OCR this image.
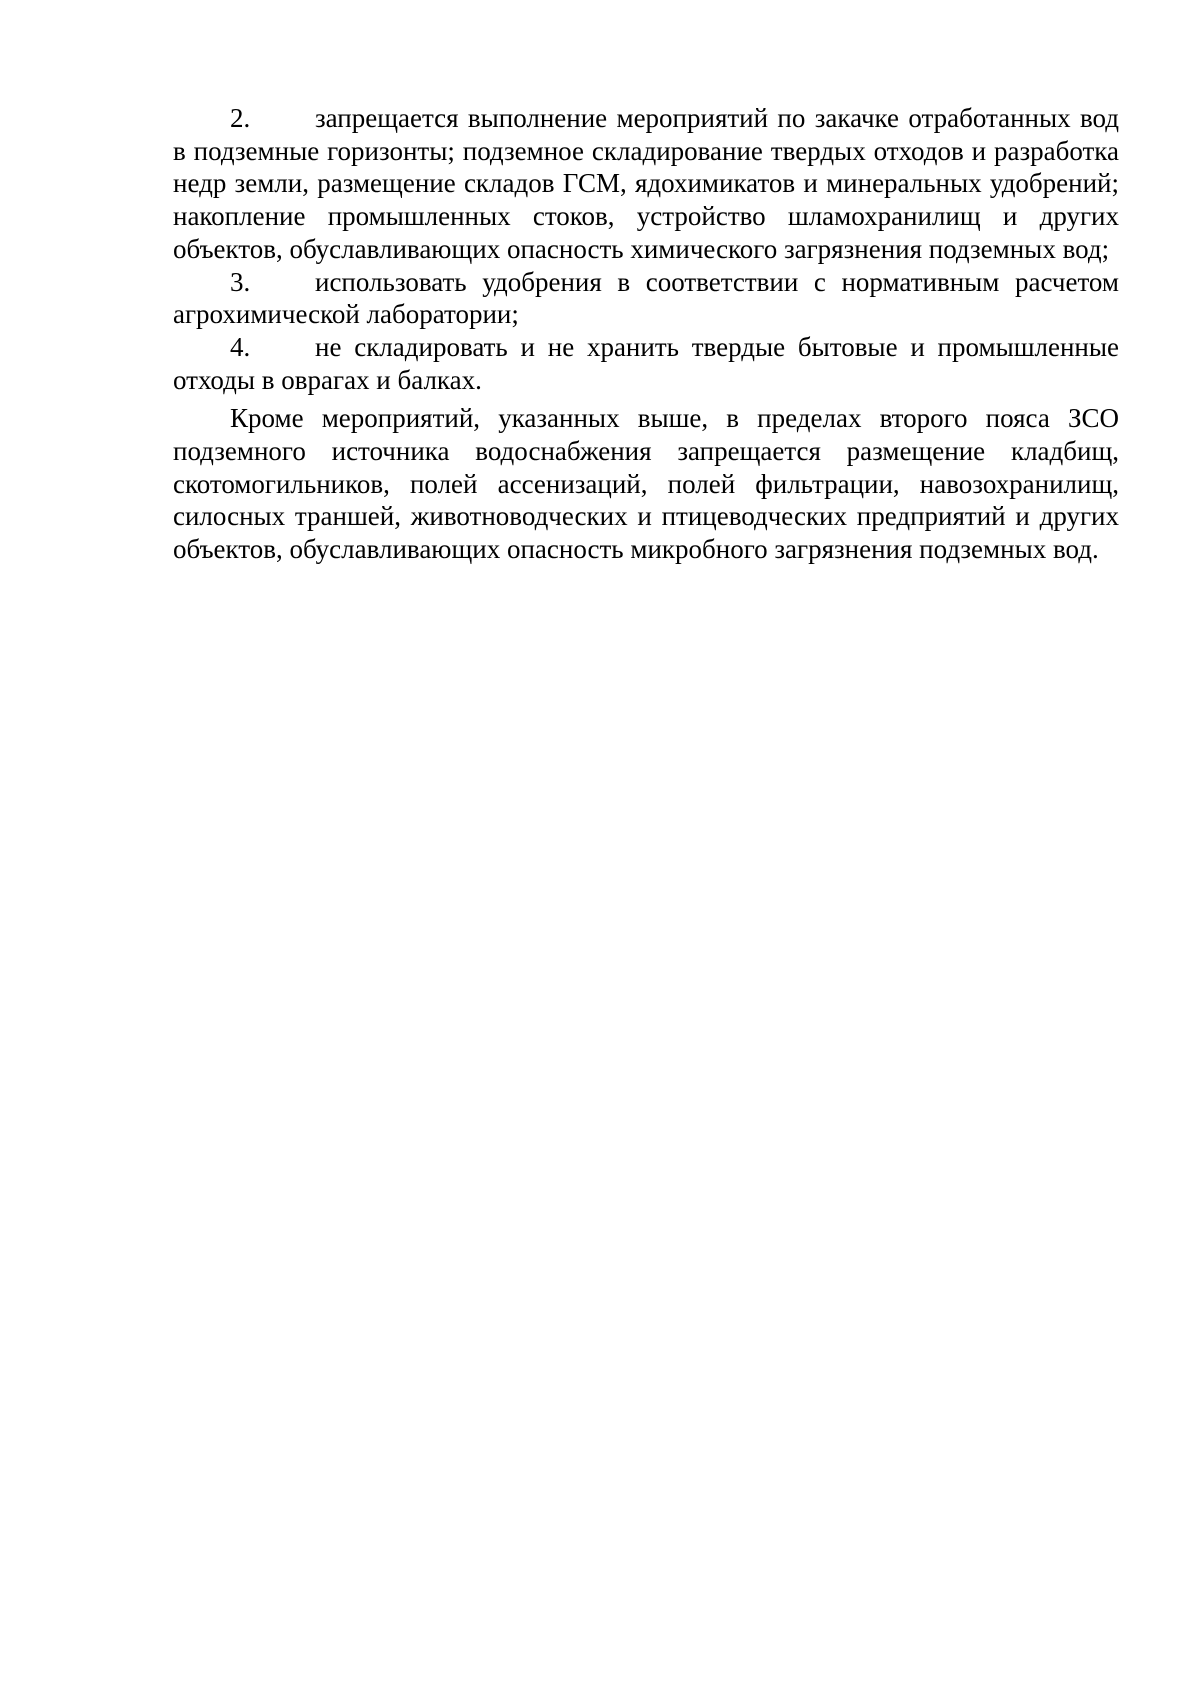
2. запрещается выполнение мероприятий по закачке отработанных вод в подземные горизонты; подземное складирование твердых отходов и разработка недр земли, размещение складов ГСМ, ядохимикатов и минеральных удобрений; накопление промышленных стоков, устройство шламохранилищ и других объектов, обуславливающих опасность химического загрязнения подземных вод;

3. использовать удобрения в соответствии с нормативным расчетом агрохимической лаборатории;

4. не складировать и не хранить твердые бытовые и промышленные отходы в оврагах и балках.

Кроме мероприятий, указанных выше, в пределах второго пояса ЗСО подземного источника водоснабжения запрещается размещение кладбищ, скотомогильников, полей ассенизаций, полей фильтрации, навозохранилищ, силосных траншей, животноводческих и птицеводческих предприятий и других объектов, обуславливающих опасность микробного загрязнения подземных вод.
